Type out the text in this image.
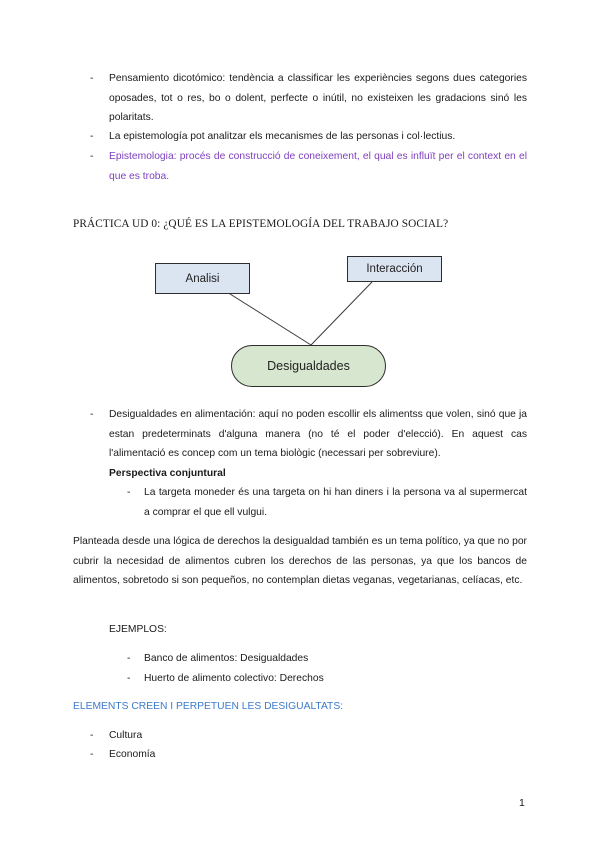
- Pensamiento dicotómico: tendència a classificar les experiències segons dues categories oposades, tot o res, bo o dolent, perfecte o inútil, no existeixen les gradacions sinó les polaritats.
- La epistemología pot analitzar els mecanismes de las personas i col·lectius.
- Epistemologia: procés de construcció de coneixement, el qual es influït per el context en el que es troba.
PRÁCTICA UD 0: ¿QUÉ ES LA EPISTEMOLOGÍA DEL TRABAJO SOCIAL?
Analisi
Interacción
Desigualdades
- Desigualdades en alimentación: aquí no poden escollir els alimentss que volen, sinó que ja estan predeterminats d'alguna manera (no té el poder d'elecció). En aquest cas l'alimentació es concep com un tema biològic (necessari per sobreviure).
Perspectiva conjuntural
- La targeta moneder és una targeta on hi han diners i la persona va al supermercat a comprar el que ell vulgui.
Planteada desde una lógica de derechos la desigualdad también es un tema político, ya que no por cubrir la necesidad de alimentos cubren los derechos de las personas, ya que los bancos de alimentos, sobretodo si son pequeños, no contemplan dietas veganas, vegetarianas, celíacas, etc.
EJEMPLOS:
- Banco de alimentos: Desigualdades
- Huerto de alimento colectivo: Derechos
ELEMENTS CREEN I PERPETUEN LES DESIGUALTATS:
- Cultura
- Economía
1
